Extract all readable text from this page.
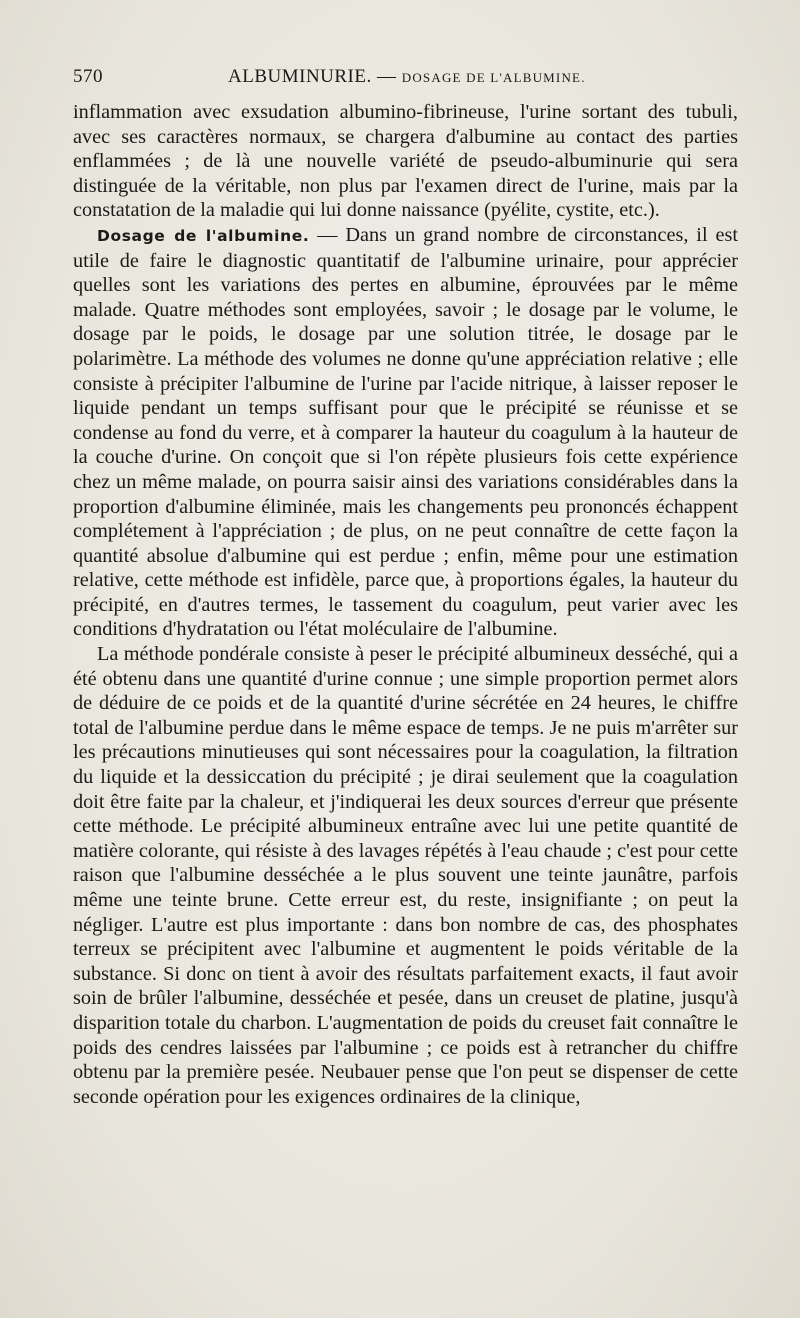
570	ALBUMINURIE. — DOSAGE DE L'ALBUMINE.

inflammation avec exsudation albumino-fibrineuse, l'urine sortant des tubuli, avec ses caractères normaux, se chargera d'albumine au contact des parties enflammées ; de là une nouvelle variété de pseudo-albuminurie qui sera distinguée de la véritable, non plus par l'examen direct de l'urine, mais par la constatation de la maladie qui lui donne naissance (pyélite, cystite, etc.).

Dosage de l'albumine. — Dans un grand nombre de circonstances, il est utile de faire le diagnostic quantitatif de l'albumine urinaire, pour apprécier quelles sont les variations des pertes en albumine, éprouvées par le même malade. Quatre méthodes sont employées, savoir ; le dosage par le volume, le dosage par le poids, le dosage par une solution titrée, le dosage par le polarimètre. La méthode des volumes ne donne qu'une appréciation relative ; elle consiste à précipiter l'albumine de l'urine par l'acide nitrique, à laisser reposer le liquide pendant un temps suffisant pour que le précipité se réunisse et se condense au fond du verre, et à comparer la hauteur du coagulum à la hauteur de la couche d'urine. On conçoit que si l'on répète plusieurs fois cette expérience chez un même malade, on pourra saisir ainsi des variations considérables dans la proportion d'albumine éliminée, mais les changements peu prononcés échappent complétement à l'appréciation ; de plus, on ne peut connaître de cette façon la quantité absolue d'albumine qui est perdue ; enfin, même pour une estimation relative, cette méthode est infidèle, parce que, à proportions égales, la hauteur du précipité, en d'autres termes, le tassement du coagulum, peut varier avec les conditions d'hydratation ou l'état moléculaire de l'albumine.

La méthode pondérale consiste à peser le précipité albumineux desséché, qui a été obtenu dans une quantité d'urine connue ; une simple proportion permet alors de déduire de ce poids et de la quantité d'urine sécrétée en 24 heures, le chiffre total de l'albumine perdue dans le même espace de temps. Je ne puis m'arrêter sur les précautions minutieuses qui sont nécessaires pour la coagulation, la filtration du liquide et la dessiccation du précipité ; je dirai seulement que la coagulation doit être faite par la chaleur, et j'indiquerai les deux sources d'erreur que présente cette méthode. Le précipité albumineux entraîne avec lui une petite quantité de matière colorante, qui résiste à des lavages répétés à l'eau chaude ; c'est pour cette raison que l'albumine desséchée a le plus souvent une teinte jaunâtre, parfois même une teinte brune. Cette erreur est, du reste, insignifiante ; on peut la négliger. L'autre est plus importante : dans bon nombre de cas, des phosphates terreux se précipitent avec l'albumine et augmentent le poids véritable de la substance. Si donc on tient à avoir des résultats parfaitement exacts, il faut avoir soin de brûler l'albumine, desséchée et pesée, dans un creuset de platine, jusqu'à disparition totale du charbon. L'augmentation de poids du creuset fait connaître le poids des cendres laissées par l'albumine ; ce poids est à retrancher du chiffre obtenu par la première pesée. Neubauer pense que l'on peut se dispenser de cette seconde opération pour les exigences ordinaires de la clinique,
